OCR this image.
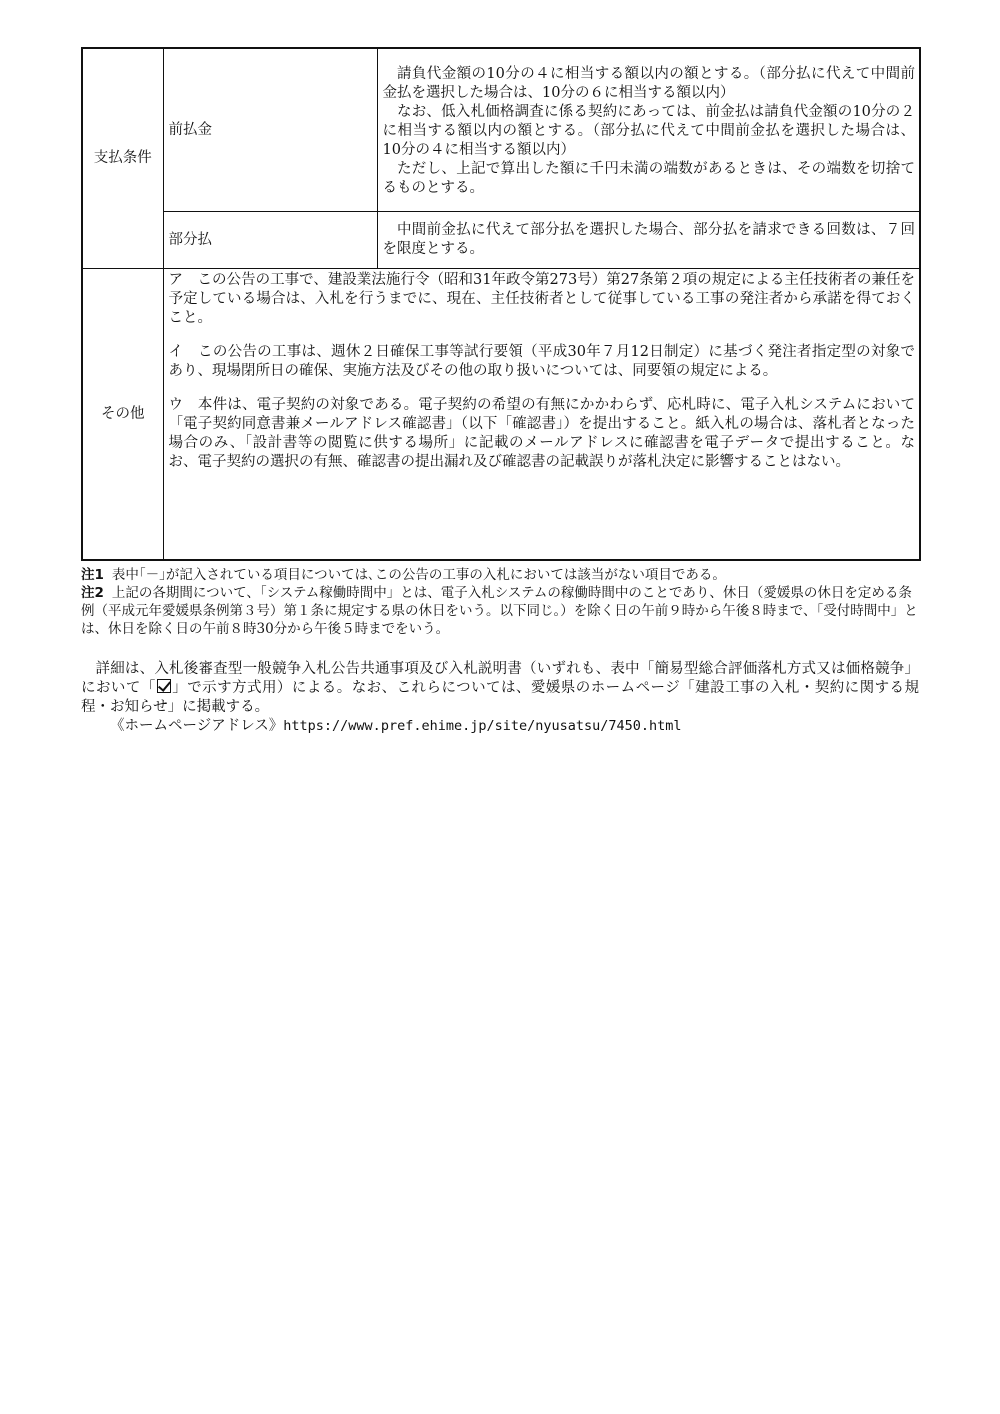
支払条件	前払金	請負代金額の10分の４に相当する額以内の額とする。（部分払に代えて中間前金払を選択した場合は、10分の６に相当する額以内）

なお、低入札価格調査に係る契約にあっては、前金払は請負代金額の10分の２に相当する額以内の額とする。（部分払に代えて中間前金払を選択した場合は、10分の４に相当する額以内）

ただし、上記で算出した額に千円未満の端数があるときは、その端数を切捨てるものとする。

	部分払	中間前金払に代えて部分払を選択した場合、部分払を請求できる回数は、７回を限度とする。

その他	ア　この公告の工事で、建設業法施行令（昭和31年政令第273号）第27条第２項の規定による主任技術者の兼任を予定している場合は、入札を行うまでに、現在、主任技術者として従事している工事の発注者から承諾を得ておくこと。

イ　この公告の工事は、週休２日確保工事等試行要領（平成30年７月12日制定）に基づく発注者指定型の対象であり、現場閉所日の確保、実施方法及びその他の取り扱いについては、同要領の規定による。

ウ　本件は、電子契約の対象である。電子契約の希望の有無にかかわらず、応札時に、電子入札システムにおいて「電子契約同意書兼メールアドレス確認書」（以下「確認書」）を提出すること。紙入札の場合は、落札者となった場合のみ、「設計書等の閲覧に供する場所」に記載のメールアドレスに確認書を電子データで提出すること。なお、電子契約の選択の有無、確認書の提出漏れ及び確認書の記載誤りが落札決定に影響することはない。	

注1 表中｢－｣が記入されている項目については､この公告の工事の入札においては該当がない項目である。

注2 上記の各期間について、「システム稼働時間中」とは、電子入札システムの稼働時間中のことであり、休日（愛媛県の休日を定める条例（平成元年愛媛県条例第３号）第１条に規定する県の休日をいう。以下同じ。）を除く日の午前９時から午後８時まで、「受付時間中」とは、休日を除く日の午前８時30分から午後５時までをいう。

詳細は、入札後審査型一般競争入札公告共通事項及び入札説明書（いずれも、表中「簡易型総合評価落札方式又は価格競争」において「 」で示す方式用）による。なお、これらについては、愛媛県のホームページ「建設工事の入札・契約に関する規程・お知らせ」に掲載する。

《ホームページアドレス》https://www.pref.ehime.jp/site/nyusatsu/7450.html
